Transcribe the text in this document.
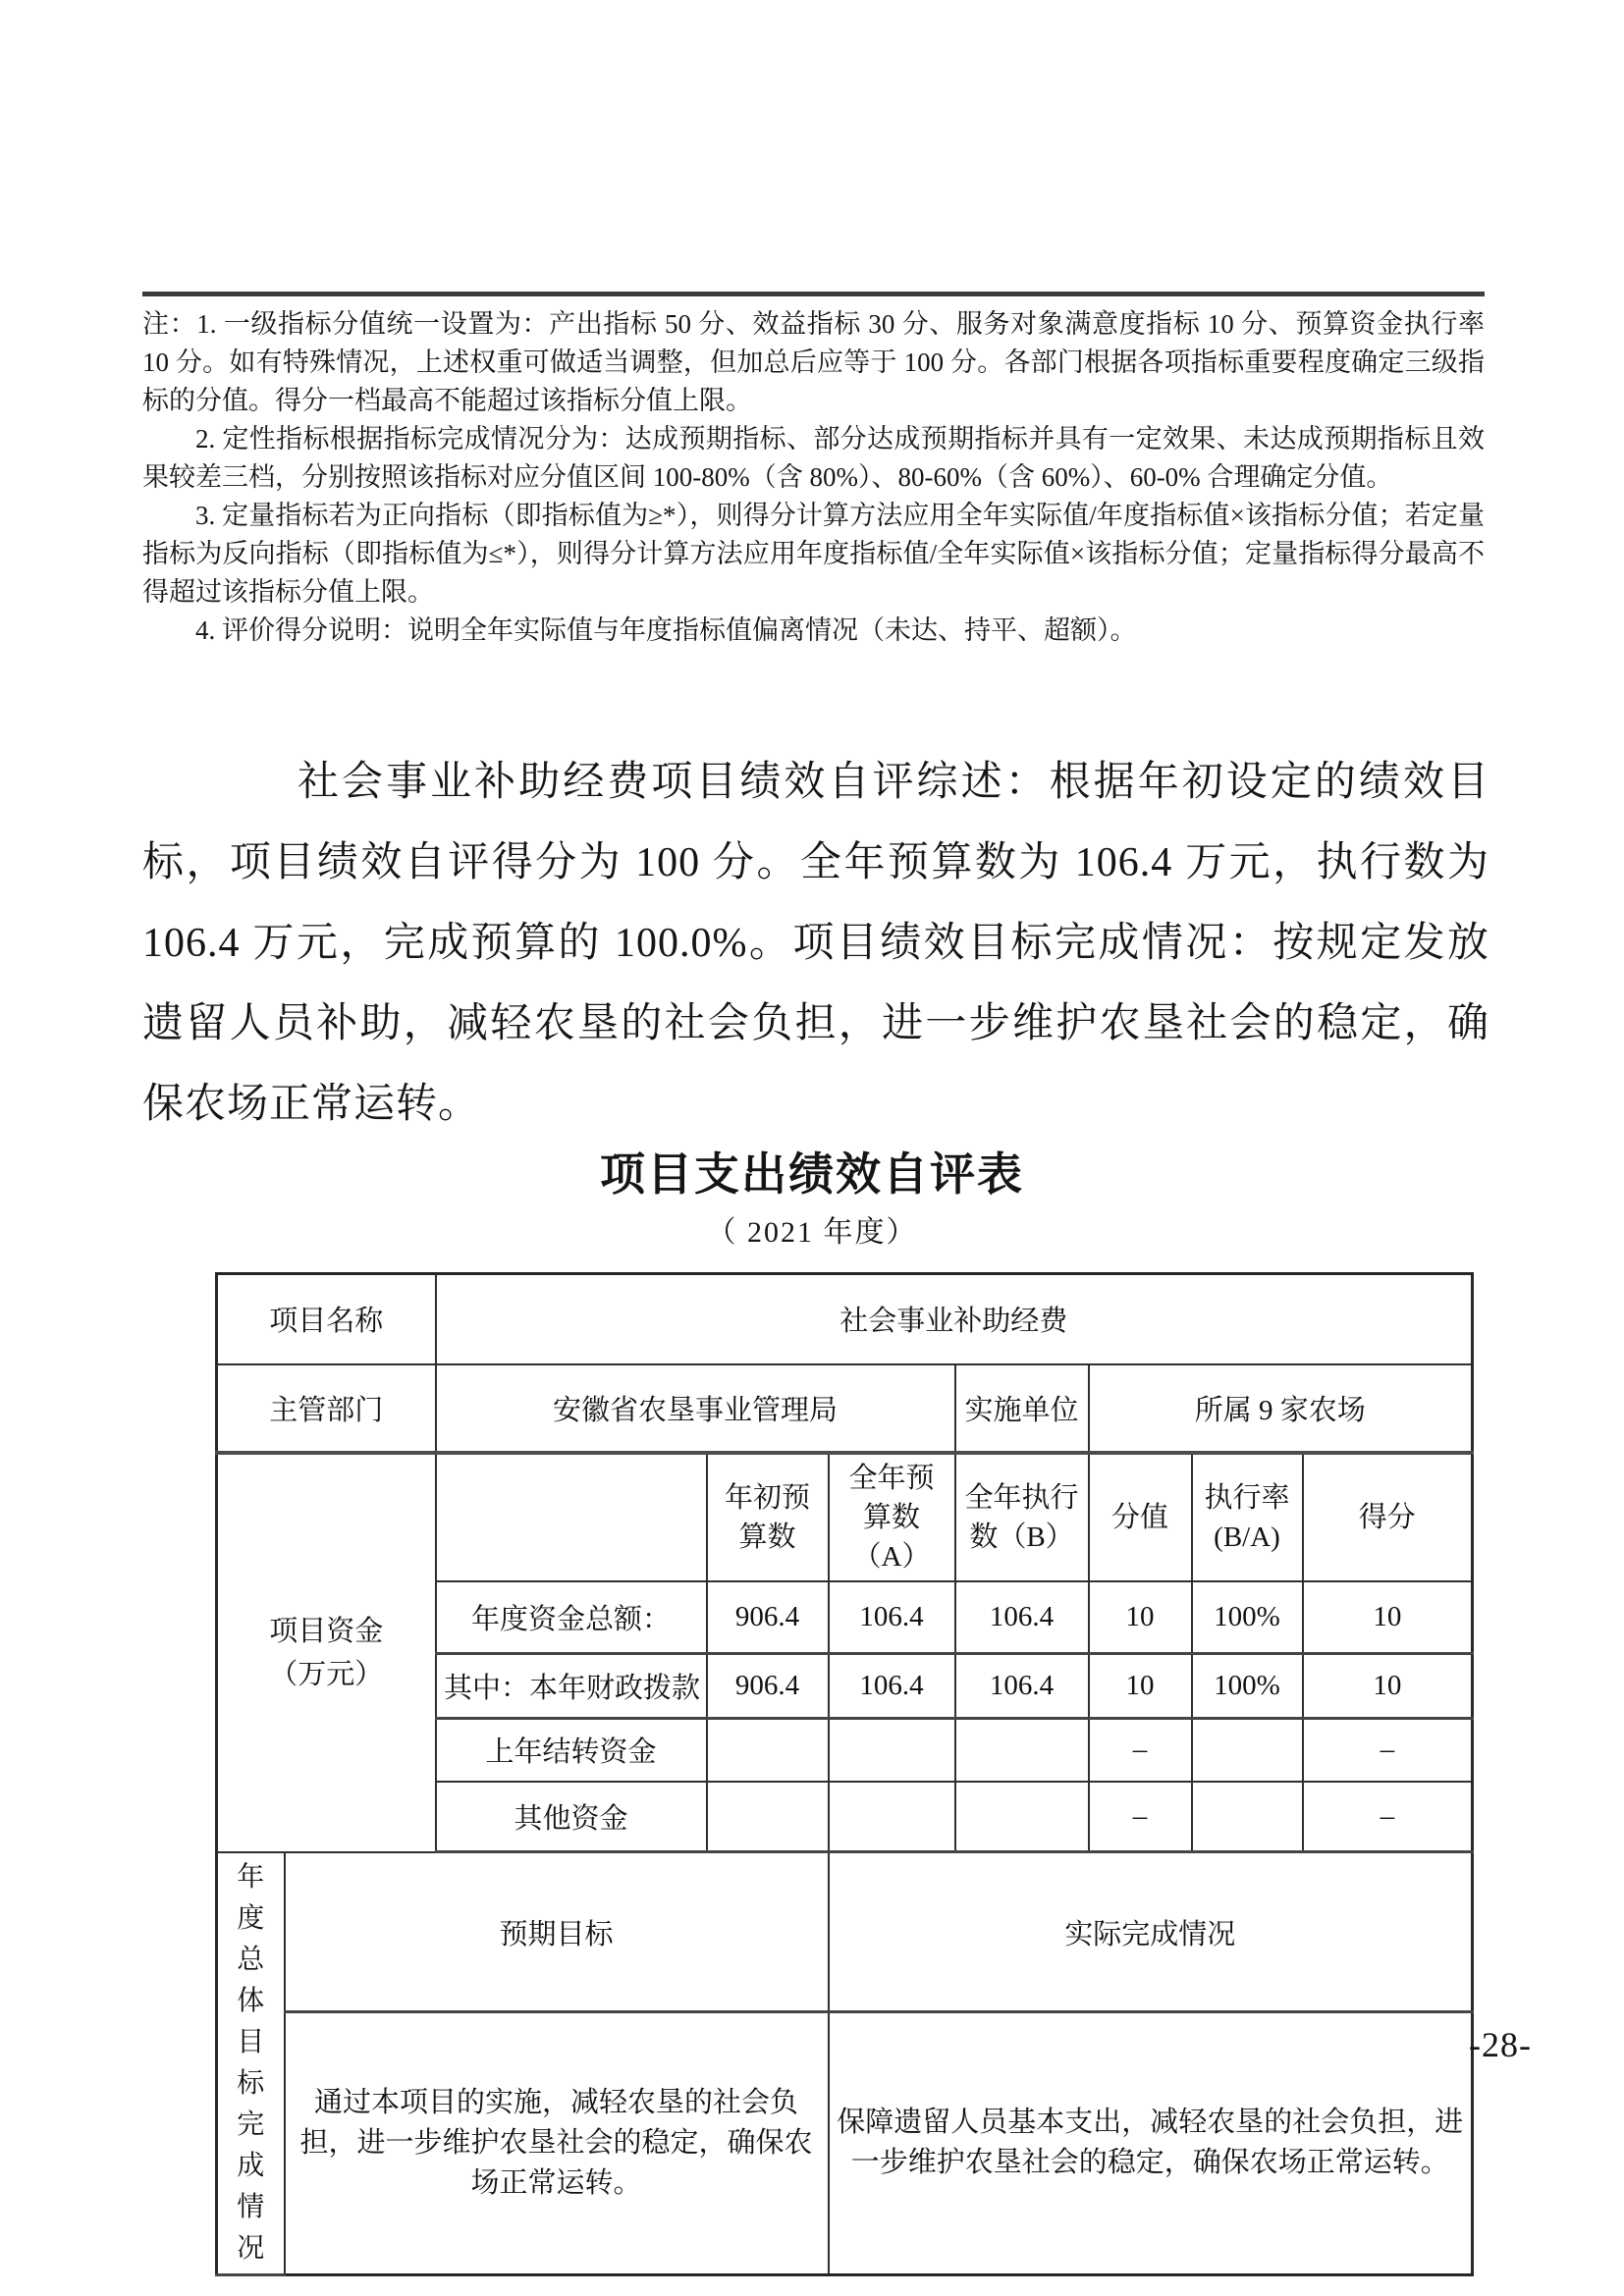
注：1. 一级指标分值统一设置为：产出指标 50 分、效益指标 30 分、服务对象满意度指标 10 分、预算资金执行率 10 分。如有特殊情况，上述权重可做适当调整，但加总后应等于 100 分。各部门根据各项指标重要程度确定三级指标的分值。得分一档最高不能超过该指标分值上限。

2. 定性指标根据指标完成情况分为：达成预期指标、部分达成预期指标并具有一定效果、未达成预期指标且效果较差三档，分别按照该指标对应分值区间 100-80%（含 80%）、80-60%（含 60%）、60-0% 合理确定分值。

3. 定量指标若为正向指标（即指标值为≥*），则得分计算方法应用全年实际值/年度指标值×该指标分值；若定量指标为反向指标（即指标值为≤*），则得分计算方法应用年度指标值/全年实际值×该指标分值；定量指标得分最高不得超过该指标分值上限。

4. 评价得分说明：说明全年实际值与年度指标值偏离情况（未达、持平、超额）。

社会事业补助经费项目绩效自评综述：根据年初设定的绩效目标，项目绩效自评得分为 100 分。全年预算数为 106.4 万元，执行数为 106.4 万元，完成预算的 100.0%。项目绩效目标完成情况：按规定发放遗留人员补助，减轻农垦的社会负担，进一步维护农垦社会的稳定，确保农场正常运转。
项目支出绩效自评表
（ 2021 年度）
项目名称		社会事业补助经费						
主管部门		安徽省农垦事业管理局			实施单位	所属 9 家农场		

项目资金
（万元）			年初预算数	全年预算数（A）	全年执行数（B）	分值	执行率(B/A)	得分
		年度资金总额：	906.4	106.4	106.4	10	100%	10
		其中：本年财政拨款	906.4	106.4	106.4	10	100%	10
		上年结转资金				–		–
		其他资金				–		–
年度总体目标完成情况	预期目标			实际完成情况				
	通过本项目的实施，减轻农垦的社会负担，进一步维护农垦社会的稳定，确保农场正常运转。			保障遗留人员基本支出，减轻农垦的社会负担，进一步维护农垦社会的稳定，确保农场正常运转。				
-28-
